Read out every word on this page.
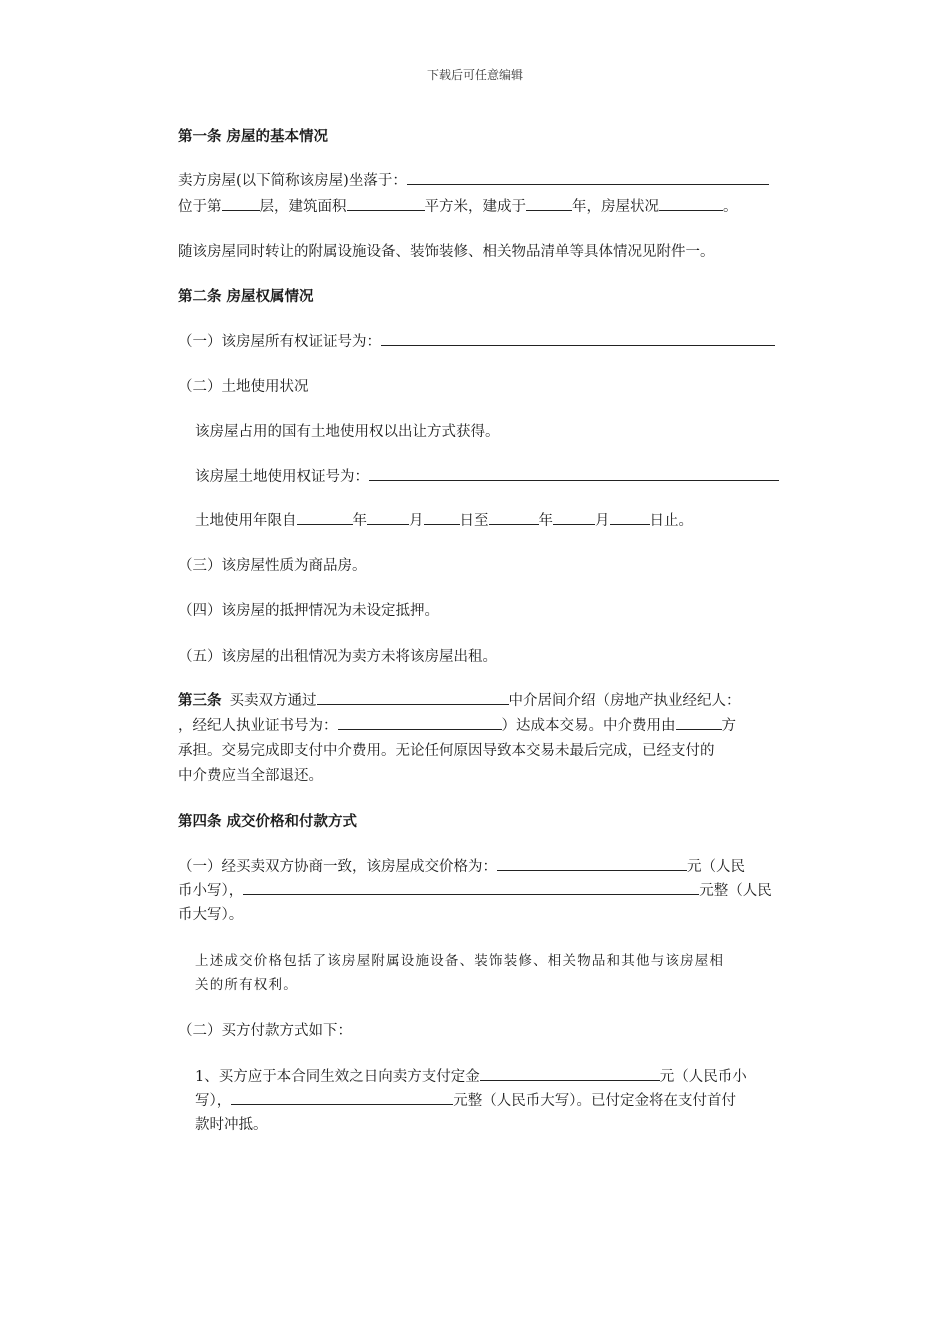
下载后可任意编辑
第一条 房屋的基本情况
卖方房屋(以下简称该房屋)坐落于：
位于第	层，建筑面积	平方米，建成于	年，房屋状况	。
随该房屋同时转让的附属设施设备、装饰装修、相关物品清单等具体情况见附件一。
第二条 房屋权属情况
（一）该房屋所有权证证号为：
（二）土地使用状况
该房屋占用的国有土地使用权以出让方式获得。
该房屋土地使用权证号为：
土地使用年限自	年	月 日至	年	月	日止。
（三）该房屋性质为商品房。
（四）该房屋的抵押情况为未设定抵押。
（五）该房屋的出租情况为卖方未将该房屋出租。
第三条 买卖双方通过	中介居间介绍（房地产执业经纪人：
，经纪人执业证书号为：	）达成本交易。中介费用由	方
承担。交易完成即支付中介费用。无论任何原因导致本交易未最后完成，已经支付的
中介费应当全部退还。
第四条 成交价格和付款方式
（一）经买卖双方协商一致，该房屋成交价格为：	元（人民
币小写），	元整（人民
币大写）。
上述成交价格包括了该房屋附属设施设备、装饰装修、相关物品和其他与该房屋相
关的所有权利。
（二）买方付款方式如下：
1、买方应于本合同生效之日向卖方支付定金	元（人民币小
写），	元整（人民币大写）。已付定金将在支付首付
款时冲抵。
